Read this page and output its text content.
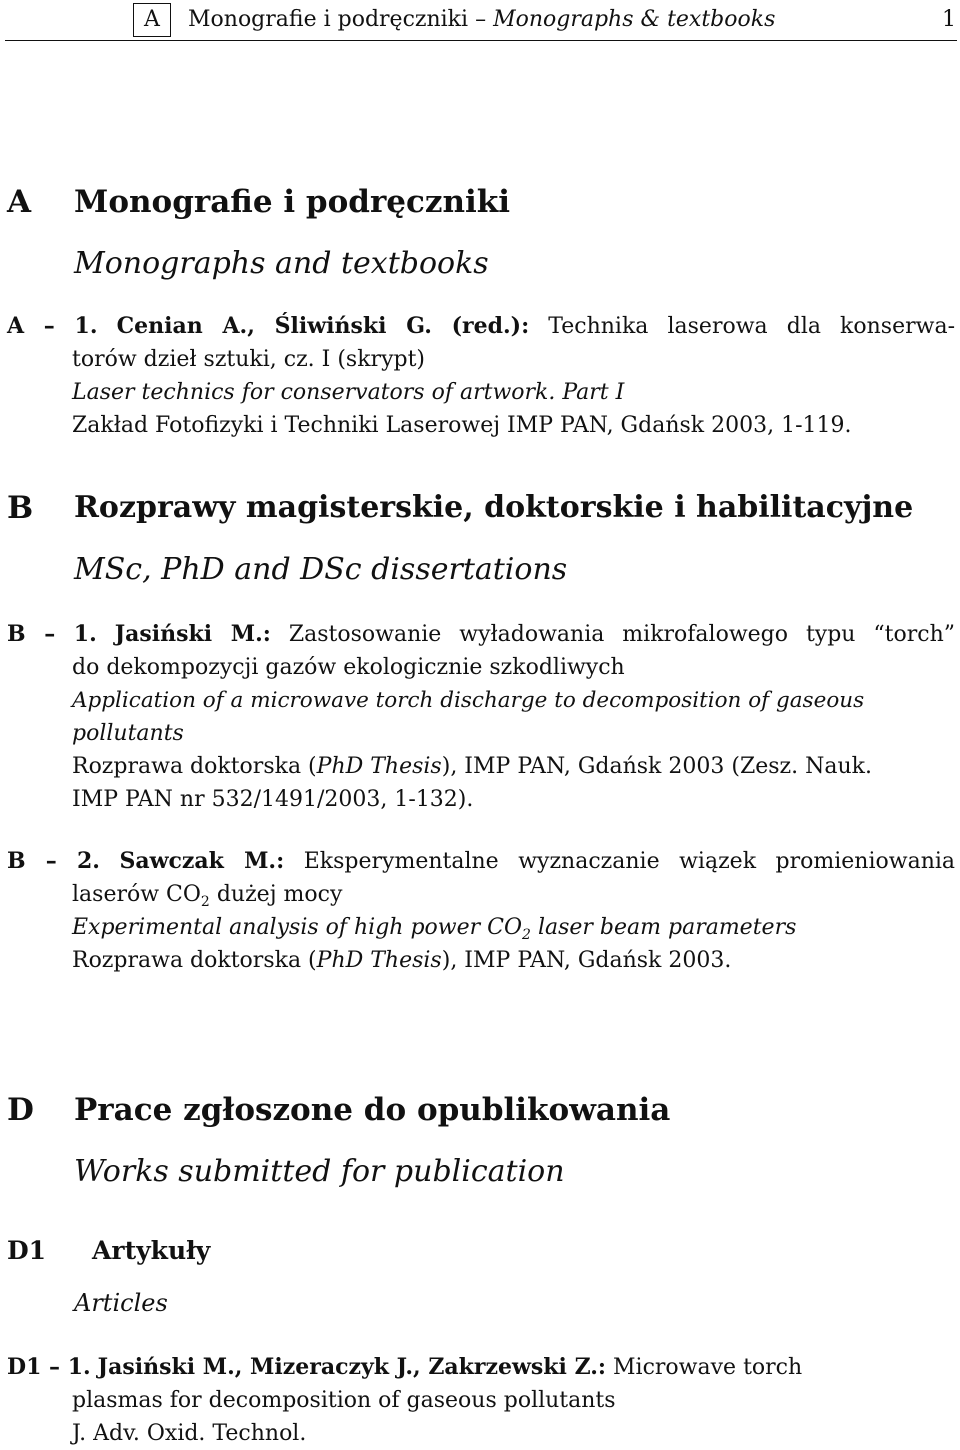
A	Monografie i podręczniki – Monographs & textbooks	1
A Monografie i podręczniki
Monographs and textbooks
A – 1. Cenian A., Śliwiński G. (red.): Technika laserowa dla konserwa-
torów dzieł sztuki, cz. I (skrypt)
Laser technics for conservators of artwork. Part I
Zakład Fotofizyki i Techniki Laserowej IMP PAN, Gdańsk 2003, 1-119.
B Rozprawy magisterskie, doktorskie i habilitacyjne
MSc, PhD and DSc dissertations
B – 1. Jasiński M.: Zastosowanie wyładowania mikrofalowego typu “torch”
do dekompozycji gazów ekologicznie szkodliwych
Application of a microwave torch discharge to decomposition of gaseous
pollutants
Rozprawa doktorska (PhD Thesis), IMP PAN, Gdańsk 2003 (Zesz. Nauk.
IMP PAN nr 532/1491/2003, 1-132).
B – 2. Sawczak M.: Eksperymentalne wyznaczanie wiązek promieniowania
laserów $CO_2$ dużej mocy
Experimental analysis of high power $CO_2$ laser beam parameters
Rozprawa doktorska (PhD Thesis), IMP PAN, Gdańsk 2003.
D Prace zgłoszone do opublikowania
Works submitted for publication
D1 Artykuły
Articles
D1 – 1. Jasiński M., Mizeraczyk J., Zakrzewski Z.: Microwave torch
plasmas for decomposition of gaseous pollutants
J. Adv. Oxid. Technol.
